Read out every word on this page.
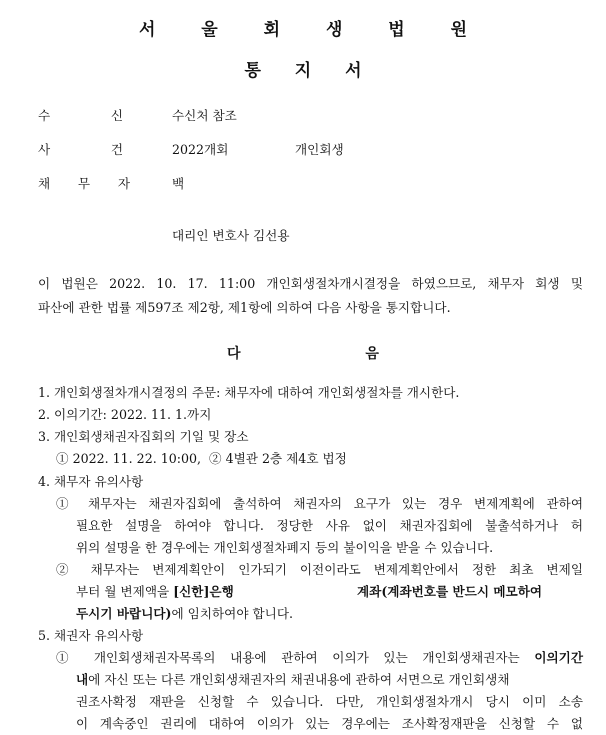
서 울 회 생 법 원
통 지 서
수	신	수신처 참조
사	건	2022개회	개인회생
채 무 자	백
대리인 변호사 김선용
이 법원은 2022. 10. 17. 11:00 개인회생절차개시결정을 하였으므로, 채무자 회생 및
파산에 관한 법률 제597조 제2항, 제1항에 의하여 다음 사항을 통지합니다.
다 음
1. 개인회생절차개시결정의 주문: 채무자에 대하여 개인회생절차를 개시한다.
2. 이의기간: 2022. 11. 1.까지
3. 개인회생채권자집회의 기일 및 장소
① 2022. 11. 22. 10:00,  ② 4별관 2층 제4호 법정
4. 채무자 유의사항
① 채무자는 채권자집회에 출석하여 채권자의 요구가 있는 경우 변제계획에 관하여
필요한 설명을 하여야 합니다. 정당한 사유 없이 채권자집회에 불출석하거나 허
위의 설명을 한 경우에는 개인회생절차폐지 등의 불이익을 받을 수 있습니다.
② 채무자는 변제계획안이 인가되기 이전이라도 변제계획안에서 정한 최초 변제일
부터 월 변제액을 [신한]은행	계좌(계좌번호를 반드시 메모하여
두시기 바랍니다)에 임치하여야 합니다.
5. 채권자 유의사항
① 개인회생채권자목록의 내용에 관하여 이의가 있는 개인회생채권자는 이의기간
내에 자신 또는 다른 개인회생채권자의 채권내용에 관하여 서면으로 개인회생채
권조사확정 재판을 신청할 수 있습니다. 다만, 개인회생절차개시 당시 이미 소송
이 계속중인 권리에 대하여 이의가 있는 경우에는 조사확정재판을 신청할 수 없
